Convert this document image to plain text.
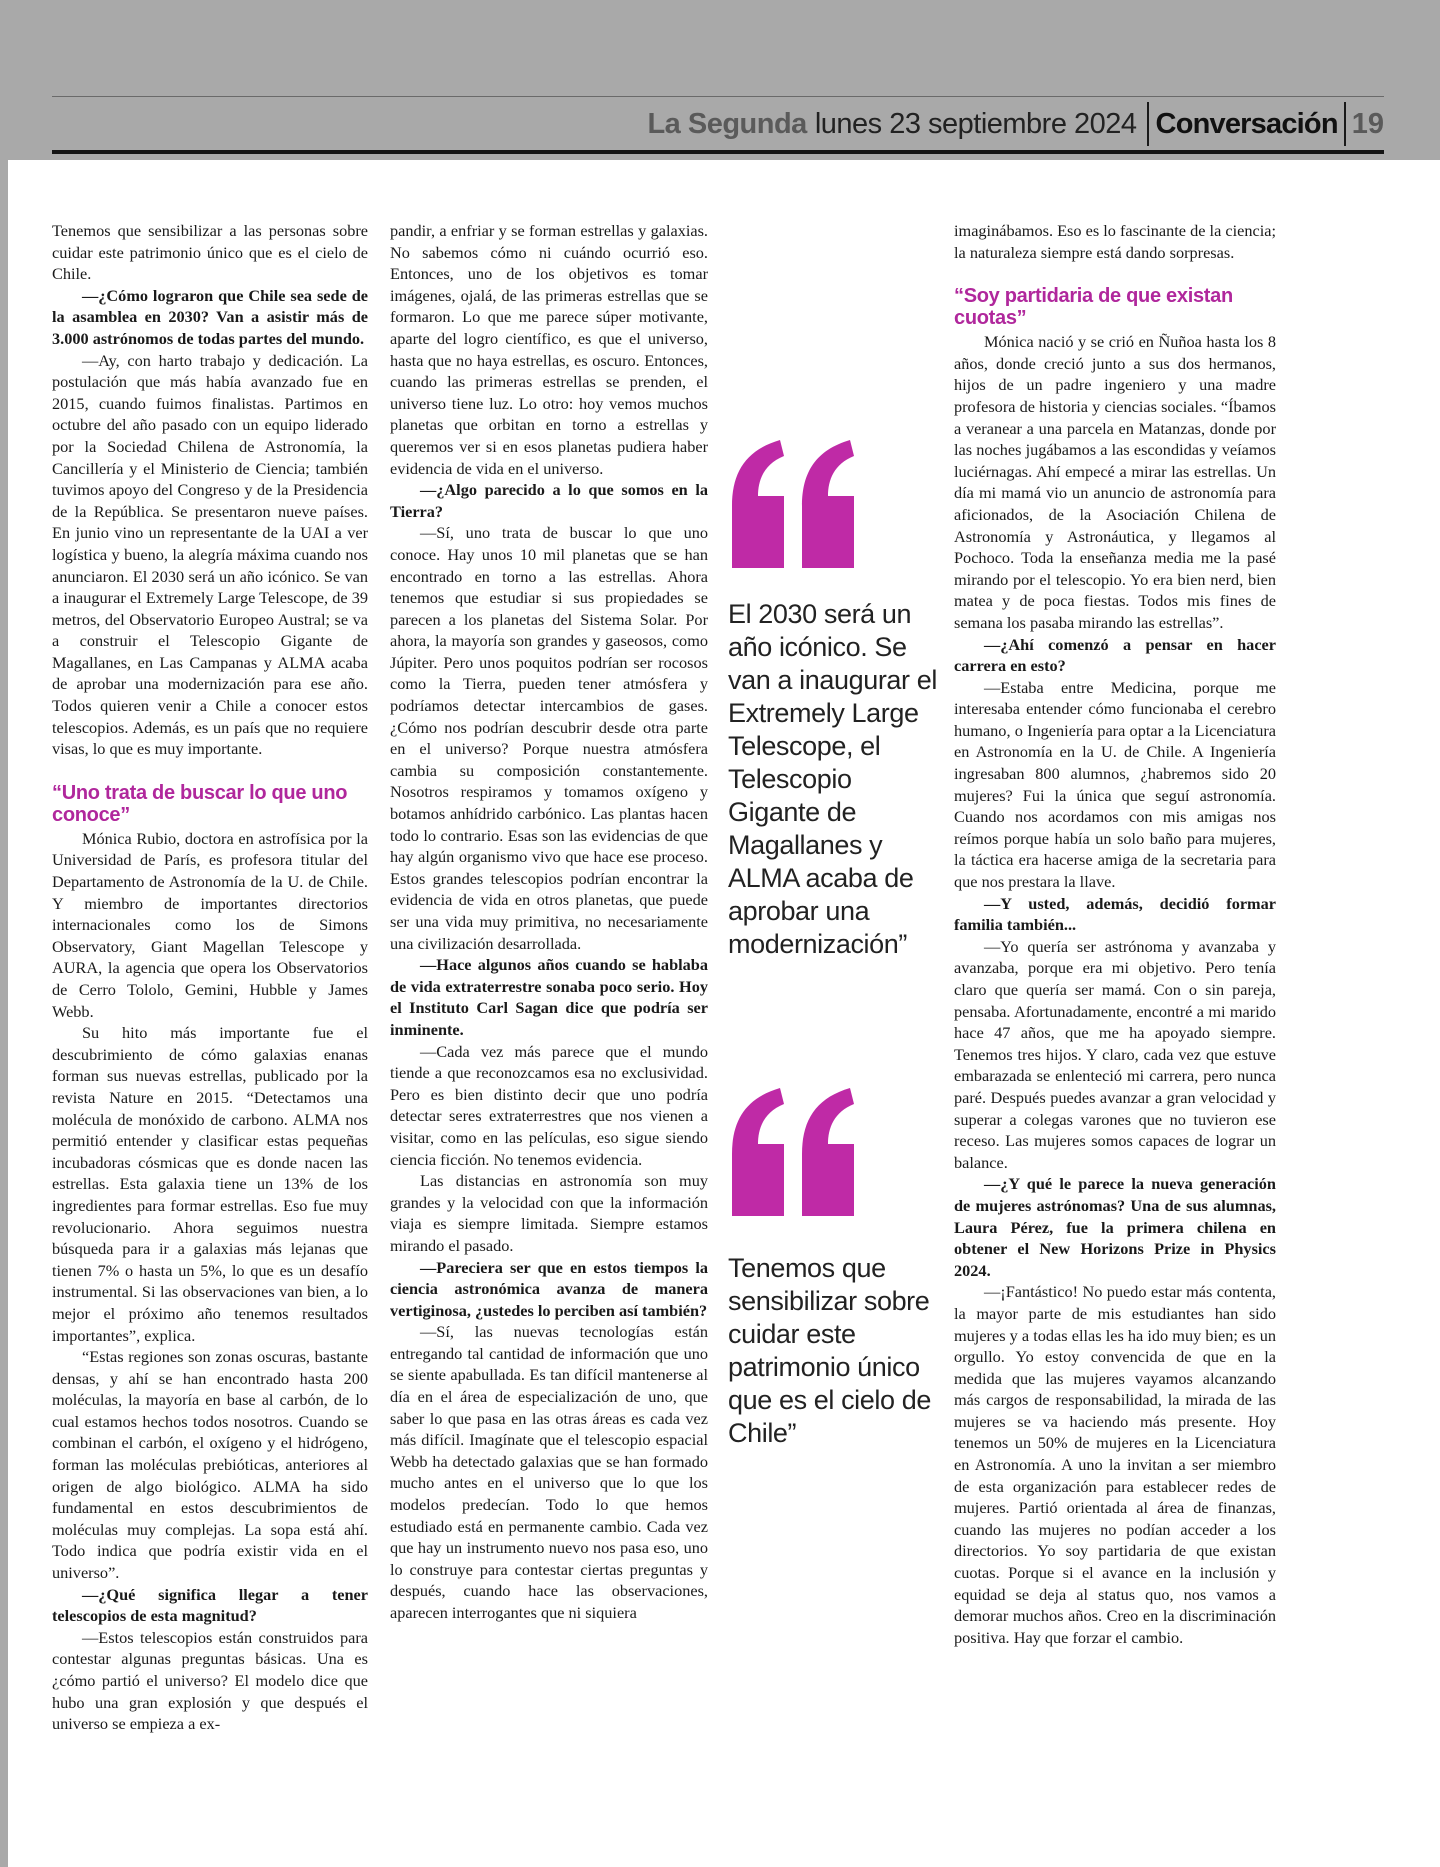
La Segunda lunes 23 septiembre 2024 Conversación 19

Tenemos que sensibilizar a las personas sobre cuidar este patrimonio único que es el cielo de Chile.

—¿Cómo lograron que Chile sea sede de la asamblea en 2030? Van a asistir más de 3.000 astrónomos de todas partes del mundo.

—Ay, con harto trabajo y dedicación. La postulación que más había avanzado fue en 2015, cuando fuimos finalistas. Partimos en octubre del año pasado con un equipo liderado por la Sociedad Chilena de Astronomía, la Cancillería y el Ministerio de Ciencia; también tuvimos apoyo del Congreso y de la Presidencia de la República. Se presentaron nueve países. En junio vino un representante de la UAI a ver logística y bueno, la alegría máxima cuando nos anunciaron. El 2030 será un año icónico. Se van a inaugurar el Extremely Large Telescope, de 39 metros, del Observatorio Europeo Austral; se va a construir el Telescopio Gigante de Magallanes, en Las Campanas y ALMA acaba de aprobar una modernización para ese año. Todos quieren venir a Chile a conocer estos telescopios. Además, es un país que no requiere visas, lo que es muy importante.

“Uno trata de buscar lo que uno conoce”

Mónica Rubio, doctora en astrofísica por la Universidad de París, es profesora titular del Departamento de Astronomía de la U. de Chile. Y miembro de importantes directorios internacionales como los de Simons Observatory, Giant Magellan Telescope y AURA, la agencia que opera los Observatorios de Cerro Tololo, Gemini, Hubble y James Webb.

Su hito más importante fue el descubrimiento de cómo galaxias enanas forman sus nuevas estrellas, publicado por la revista Nature en 2015. “Detectamos una molécula de monóxido de carbono. ALMA nos permitió entender y clasificar estas pequeñas incubadoras cósmicas que es donde nacen las estrellas. Esta galaxia tiene un 13% de los ingredientes para formar estrellas. Eso fue muy revolucionario. Ahora seguimos nuestra búsqueda para ir a galaxias más lejanas que tienen 7% o hasta un 5%, lo que es un desafío instrumental. Si las observaciones van bien, a lo mejor el próximo año tenemos resultados importantes”, explica.

“Estas regiones son zonas oscuras, bastante densas, y ahí se han encontrado hasta 200 moléculas, la mayoría en base al carbón, de lo cual estamos hechos todos nosotros. Cuando se combinan el carbón, el oxígeno y el hidrógeno, forman las moléculas prebióticas, anteriores al origen de algo biológico. ALMA ha sido fundamental en estos descubrimientos de moléculas muy complejas. La sopa está ahí. Todo indica que podría existir vida en el universo”.

—¿Qué significa llegar a tener telescopios de esta magnitud?

—Estos telescopios están construidos para contestar algunas preguntas básicas. Una es ¿cómo partió el universo? El modelo dice que hubo una gran explosión y que después el universo se empieza a ex-

pandir, a enfriar y se forman estrellas y galaxias. No sabemos cómo ni cuándo ocurrió eso. Entonces, uno de los objetivos es tomar imágenes, ojalá, de las primeras estrellas que se formaron. Lo que me parece súper motivante, aparte del logro científico, es que el universo, hasta que no haya estrellas, es oscuro. Entonces, cuando las primeras estrellas se prenden, el universo tiene luz. Lo otro: hoy vemos muchos planetas que orbitan en torno a estrellas y queremos ver si en esos planetas pudiera haber evidencia de vida en el universo.

—¿Algo parecido a lo que somos en la Tierra?

—Sí, uno trata de buscar lo que uno conoce. Hay unos 10 mil planetas que se han encontrado en torno a las estrellas. Ahora tenemos que estudiar si sus propiedades se parecen a los planetas del Sistema Solar. Por ahora, la mayoría son grandes y gaseosos, como Júpiter. Pero unos poquitos podrían ser rocosos como la Tierra, pueden tener atmósfera y podríamos detectar intercambios de gases. ¿Cómo nos podrían descubrir desde otra parte en el universo? Porque nuestra atmósfera cambia su composición constantemente. Nosotros respiramos y tomamos oxígeno y botamos anhídrido carbónico. Las plantas hacen todo lo contrario. Esas son las evidencias de que hay algún organismo vivo que hace ese proceso. Estos grandes telescopios podrían encontrar la evidencia de vida en otros planetas, que puede ser una vida muy primitiva, no necesariamente una civilización desarrollada.

—Hace algunos años cuando se hablaba de vida extraterrestre sonaba poco serio. Hoy el Instituto Carl Sagan dice que podría ser inminente.

—Cada vez más parece que el mundo tiende a que reconozcamos esa no exclusividad. Pero es bien distinto decir que uno podría detectar seres extraterrestres que nos vienen a visitar, como en las películas, eso sigue siendo ciencia ficción. No tenemos evidencia.

Las distancias en astronomía son muy grandes y la velocidad con que la información viaja es siempre limitada. Siempre estamos mirando el pasado.

—Pareciera ser que en estos tiempos la ciencia astronómica avanza de manera vertiginosa, ¿ustedes lo perciben así también?

—Sí, las nuevas tecnologías están entregando tal cantidad de información que uno se siente apabullada. Es tan difícil mantenerse al día en el área de especialización de uno, que saber lo que pasa en las otras áreas es cada vez más difícil. Imagínate que el telescopio espacial Webb ha detectado galaxias que se han formado mucho antes en el universo que lo que los modelos predecían. Todo lo que hemos estudiado está en permanente cambio. Cada vez que hay un instrumento nuevo nos pasa eso, uno lo construye para contestar ciertas preguntas y después, cuando hace las observaciones, aparecen interrogantes que ni siquiera

El 2030 será un año icónico. Se van a inaugurar el Extremely Large Telescope, el Telescopio Gigante de Magallanes y ALMA acaba de aprobar una modernización”
Tenemos que sensibilizar sobre cuidar este patrimonio único que es el cielo de Chile”

imaginábamos. Eso es lo fascinante de la ciencia; la naturaleza siempre está dando sorpresas.

“Soy partidaria de que existan cuotas”

Mónica nació y se crió en Ñuñoa hasta los 8 años, donde creció junto a sus dos hermanos, hijos de un padre ingeniero y una madre profesora de historia y ciencias sociales. “Íbamos a veranear a una parcela en Matanzas, donde por las noches jugábamos a las escondidas y veíamos luciérnagas. Ahí empecé a mirar las estrellas. Un día mi mamá vio un anuncio de astronomía para aficionados, de la Asociación Chilena de Astronomía y Astronáutica, y llegamos al Pochoco. Toda la enseñanza media me la pasé mirando por el telescopio. Yo era bien nerd, bien matea y de poca fiestas. Todos mis fines de semana los pasaba mirando las estrellas”.

—¿Ahí comenzó a pensar en hacer carrera en esto?

—Estaba entre Medicina, porque me interesaba entender cómo funcionaba el cerebro humano, o Ingeniería para optar a la Licenciatura en Astronomía en la U. de Chile. A Ingeniería ingresaban 800 alumnos, ¿habremos sido 20 mujeres? Fui la única que seguí astronomía. Cuando nos acordamos con mis amigas nos reímos porque había un solo baño para mujeres, la táctica era hacerse amiga de la secretaria para que nos prestara la llave.

—Y usted, además, decidió formar familia también...

—Yo quería ser astrónoma y avanzaba y avanzaba, porque era mi objetivo. Pero tenía claro que quería ser mamá. Con o sin pareja, pensaba. Afortunadamente, encontré a mi marido hace 47 años, que me ha apoyado siempre. Tenemos tres hijos. Y claro, cada vez que estuve embarazada se enlenteció mi carrera, pero nunca paré. Después puedes avanzar a gran velocidad y superar a colegas varones que no tuvieron ese receso. Las mujeres somos capaces de lograr un balance.

—¿Y qué le parece la nueva generación de mujeres astrónomas? Una de sus alumnas, Laura Pérez, fue la primera chilena en obtener el New Horizons Prize in Physics 2024.

—¡Fantástico! No puedo estar más contenta, la mayor parte de mis estudiantes han sido mujeres y a todas ellas les ha ido muy bien; es un orgullo. Yo estoy convencida de que en la medida que las mujeres vayamos alcanzando más cargos de responsabilidad, la mirada de las mujeres se va haciendo más presente. Hoy tenemos un 50% de mujeres en la Licenciatura en Astronomía. A uno la invitan a ser miembro de esta organización para establecer redes de mujeres. Partió orientada al área de finanzas, cuando las mujeres no podían acceder a los directorios. Yo soy partidaria de que existan cuotas. Porque si el avance en la inclusión y equidad se deja al status quo, nos vamos a demorar muchos años. Creo en la discriminación positiva. Hay que forzar el cambio.
